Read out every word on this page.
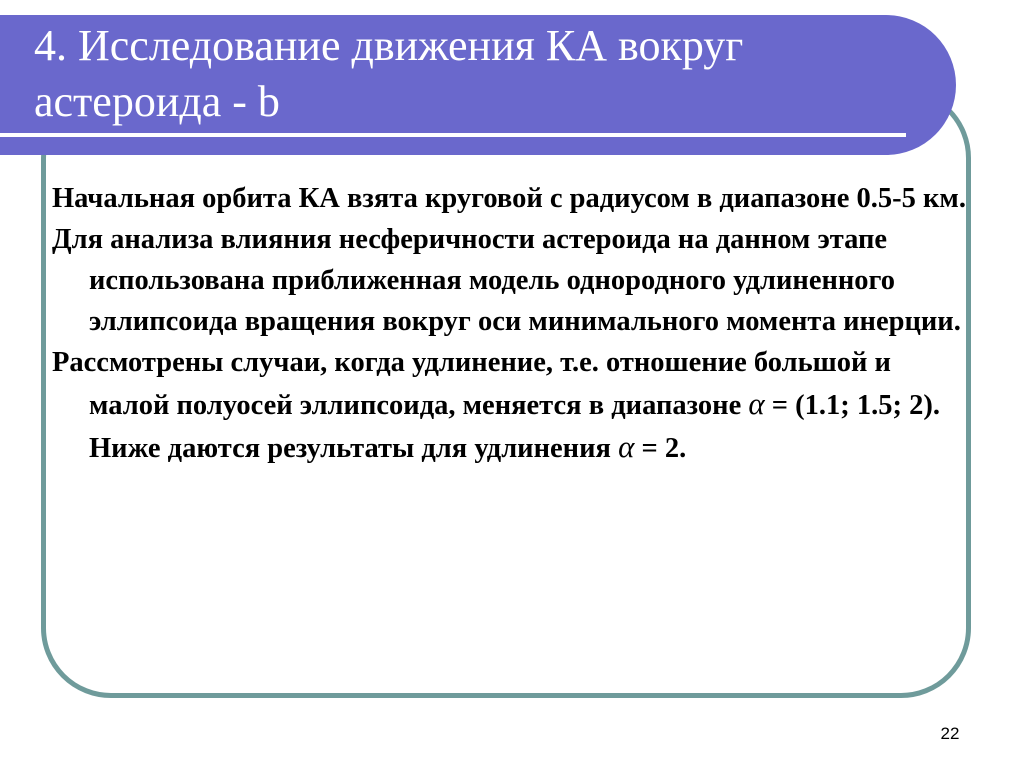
4. Исследование движения КА вокруг
астероида - b

Начальная орбита КА взята круговой с радиусом в диапазоне 0.5-5 км.

Для анализа влияния несферичности астероида на данном этапе использована приближенная модель однородного удлиненного эллипсоида вращения вокруг оси минимального момента инерции.

Рассмотрены случаи, когда удлинение, т.е. отношение большой и малой полуосей эллипсоида, меняется в диапазоне α = (1.1; 1.5; 2).
Ниже даются результаты для удлинения α = 2.

22
